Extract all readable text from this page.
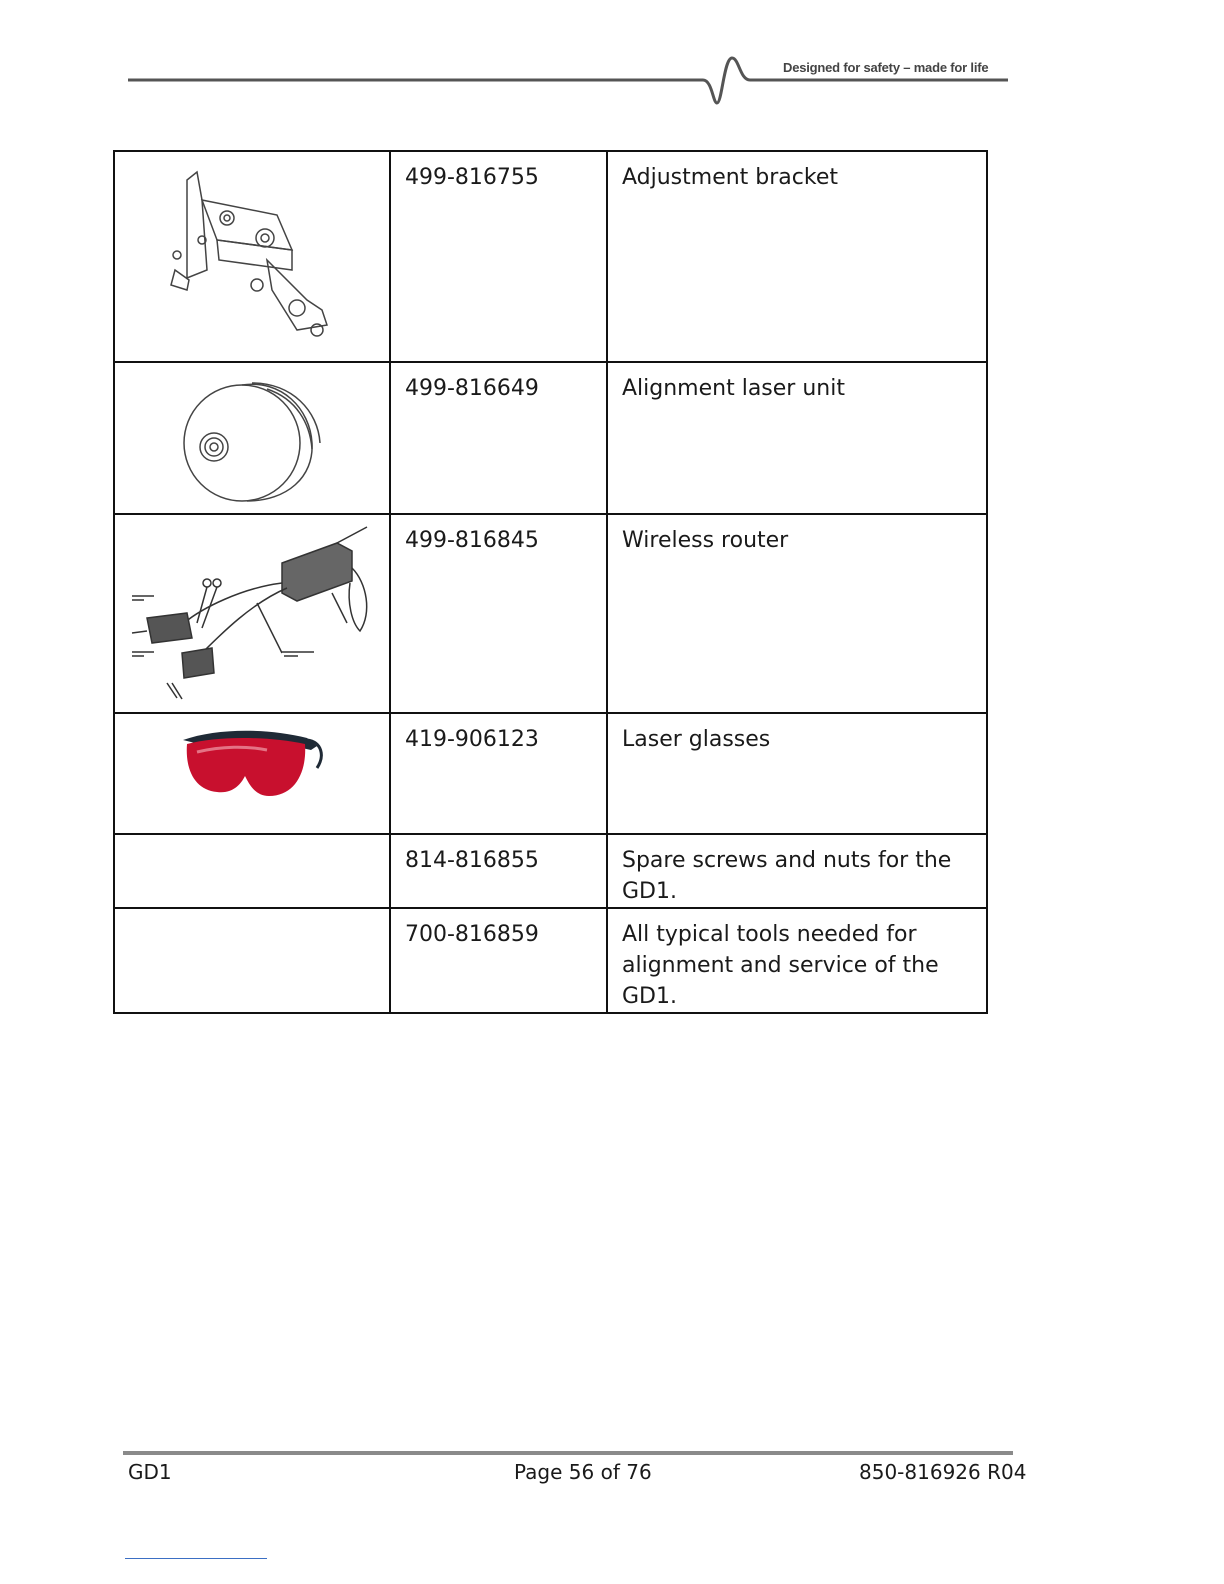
Designed for safety – made for life
	499-816755	Adjustment bracket

	499-816649	Alignment laser unit

	499-816845	Wireless router

	419-906123	Laser glasses
	814-816855	Spare screws and nuts for the GD1.
	700-816859	All typical tools needed for alignment and service of the GD1.
GD1	Page 56 of 76	850-816926 R04
